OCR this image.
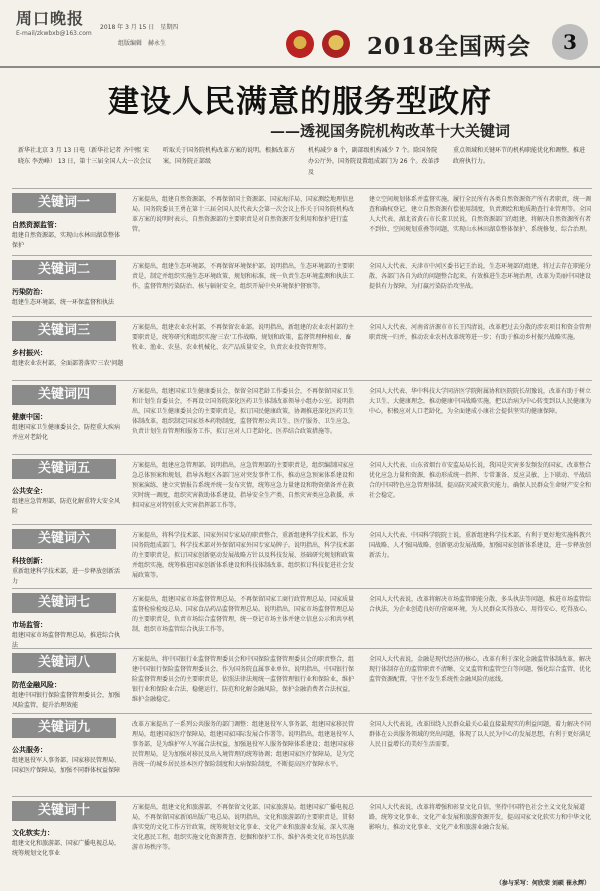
周口晚报
E-mail/zkwbxb@163.com
2018 年 3 月 15 日　星期四
组版编辑　赫永生	2018全国两会	3
建设人民满意的服务型政府
——透视国务院机构改革十大关键词
新华社北京 3 月 13 日电（新华社记者 齐中熙 宋晓东 李劲峰） 13 日，第十三届全国人大一次会议
听取关于国务院机构改革方案的说明。根据改革方案，国务院正部级
机构减少 8 个，副部级机构减少 7 个。除国务院办公厅外，国务院设置组成部门为 26 个。改革涉及
重点领域和关键环节的机构职能优化和调整，推进政府执行力。
关键词一
自然资源监管：
组建自然资源部，实现山水林田湖草整体保护
方案提出，组建自然资源部，不再保留国土资源部、国家海洋局、国家测绘地理信息局。国务院委员王勇在第十三届全国人民代表大会第一次会议上作关于国务院机构改革方案的说明时表示，自然资源部的主要职责是对自然资源开发利用和保护进行监管。
建立空间规划体系并监督实施，履行全民所有各类自然资源资产所有者职责，统一调查和确权登记，建立自然资源有偿使用制度，负责测绘和地质勘查行业管理等。全国人大代表、湖北省黄石市长董卫民说，自然资源部门的组建，将解决自然资源所有者不到位、空间规划重叠等问题，实现山水林田湖草整体保护、系统修复、综合治理。
关键词二
污染防治：
组建生态环境部，统一环保监督和执法
方案提出，组建生态环境部，不再保留环境保护部。说明指出，生态环境部的主要职责是，制定并组织实施生态环境政策、规划和标准，统一负责生态环境监测和执法工作，监督管理污染防治、核与辐射安全，组织开展中央环境保护督察等。
全国人大代表、天津市中河区委书记王治说，生态环境部的组建，将过去存在职能分散、各部门各自为政的问题整合起来，有效推进生态环境治理，改革为美丽中国建设提供有力保障，为打赢污染防治攻坚战。
关键词三
乡村振兴：
组建农业农村部，全面部署落实'三农'问题
方案提出，组建农业农村部，不再保留农业部。说明指出，新组建的农业农村部的主要职责是，统筹研究和组织实施'三农'工作战略、规划和政策，监督管理种植业、畜牧业、渔业、农垦、农业机械化、农产品质量安全，负责农业投资管理等。
全国人大代表、河南省济源市市长王四清说，改革把过去分散的涉农项目和资金管理职责统一归并，推动农业农村改革统筹进一步；有助于推动乡村振兴战略实施。
关键词四
健康中国：
组建国家卫生健康委员会，防控重大疾病并应对老龄化
方案提出，组建国家卫生健康委员会，保留全国老龄工作委员会，不再保留国家卫生和计划生育委员会，不再设立国务院深化医药卫生体制改革领导小组办公室。说明指出，国家卫生健康委员会的主要职责是，拟订国民健康政策，协调推进深化医药卫生体制改革，组织制定国家基本药物制度，监督管理公共卫生、医疗服务、卫生应急，负责计划生育管理和服务工作，拟订应对人口老龄化、医养结合政策措施等。
全国人大代表、华中科技大学同济医学院附属协和医院院长胡豫说，改革有助于树立大卫生、大健康理念，推动健康中国战略实施，把以治病为中心转变到以人民健康为中心，积极应对人口老龄化，为全面建成小康社会提供坚实的健康保障。
关键词五
公共安全：
组建应急管理部，防范化解重特大安全风险
方案提出，组建应急管理部。说明指出，应急管理部的主要职责是，组织编制国家应急总体预案和规划，指导各地区各部门应对突发事件工作，推动应急预案体系建设和预案演练，建立灾情报告系统并统一发布灾情，统筹应急力量建设和物资储备并在救灾时统一调度，组织灾害救助体系建设，指导安全生产类、自然灾害类应急救援，承担国家应对特别重大灾害指挥部工作等。
全国人大代表、山东省烟台市安监局局长说，我国是灾害多发频发的国家，改革整合优化应急力量和资源，推动形成统一指挥、专常兼备、反应灵敏、上下联动、平战结合的中国特色应急管理体制，提高防灾减灾救灾能力，确保人民群众生命财产安全和社会稳定。
关键词六
科技创新：
重新组建科学技术部，进一步释放创新活力
方案提出，将科学技术部、国家外国专家局的职责整合，重新组建科学技术部，作为国务院组成部门。科学技术部对外保留国家外国专家局牌子。说明指出，科学技术部的主要职责是，拟订国家创新驱动发展战略方针以及科技发展、基础研究规划和政策并组织实施，统筹推进国家创新体系建设和科技体制改革，组织拟订科技促进社会发展政策等。
全国人大代表、中国科学院院士说，重新组建科学技术部，有利于更好地实施科教兴国战略、人才强国战略、创新驱动发展战略，加强国家创新体系建设，进一步释放创新活力。
关键词七
市场监管：
组建国家市场监督管理总局，推进综合执法
方案提出，组建国家市场监督管理总局，不再保留国家工商行政管理总局、国家质量监督检验检疫总局、国家食品药品监督管理总局。说明指出，国家市场监督管理总局的主要职责是，负责市场综合监督管理，统一登记市场主体并建立信息公示和共享机制，组织市场监管综合执法工作等。
全国人大代表说，改革将解决市场监管职能分散、多头执法等问题，推进市场监管综合执法，为企业创造良好的营商环境，为人民群众买得放心、用得安心、吃得放心。
关键词八
防范金融风险：
组建中国银行保险监督管理委员会，加强风险监管，提升治理效能
方案提出，将中国银行业监督管理委员会和中国保险监督管理委员会的职责整合，组建中国银行保险监督管理委员会，作为国务院直属事业单位。说明指出，中国银行保险监督管理委员会的主要职责是，依照法律法规统一监督管理银行业和保险业，维护银行业和保险业合法、稳健运行，防范和化解金融风险，保护金融消费者合法权益，维护金融稳定。
全国人大代表说，金融是现代经济的核心，改革有利于深化金融监管体制改革，解决现行体制存在的监管职责不清晰、交叉监管和监管空白等问题，强化综合监管，优化监管资源配置，守住不发生系统性金融风险的底线。
关键词九
公共服务：
组建退役军人事务部、国家移民管理局、国家医疗保障局，加强不同群体权益保障
改革方案提出了一系列公共服务的部门调整：组建退役军人事务部，组建国家移民管理局，组建国家医疗保障局，组建国家国际发展合作署等。说明指出，组建退役军人事务部，是为维护军人军属合法权益，加强退役军人服务保障体系建设；组建国家移民管理局，是为加强对移民及出入境管理的统筹协调；组建国家医疗保障局，是为完善统一的城乡居民基本医疗保险制度和大病保险制度，不断提高医疗保障水平。
全国人大代表说，改革围绕人民群众最关心最直接最现实的利益问题，着力解决不同群体在公共服务领域的突出问题，体现了以人民为中心的发展思想，有利于更好满足人民日益增长的美好生活需要。
关键词十
文化软实力：
组建文化和旅游部、国家广播电视总局，统筹规划文化事业
方案提出，组建文化和旅游部，不再保留文化部、国家旅游局。组建国家广播电视总局，不再保留国家新闻出版广电总局。说明指出，文化和旅游部的主要职责是，贯彻落实党的文化工作方针政策，统筹规划文化事业、文化产业和旅游业发展，深入实施文化惠民工程，组织实施文化资源普查、挖掘和保护工作，维护各类文化市场包括旅游市场秩序等。
全国人大代表说，改革将增强和彰显文化自信，坚持中国特色社会主义文化发展道路，统筹文化事业、文化产业发展和旅游资源开发，提高国家文化软实力和中华文化影响力，推动文化事业、文化产业和旅游业融合发展。
（参与采写：何欣荣 刘硕 崔永辉）
